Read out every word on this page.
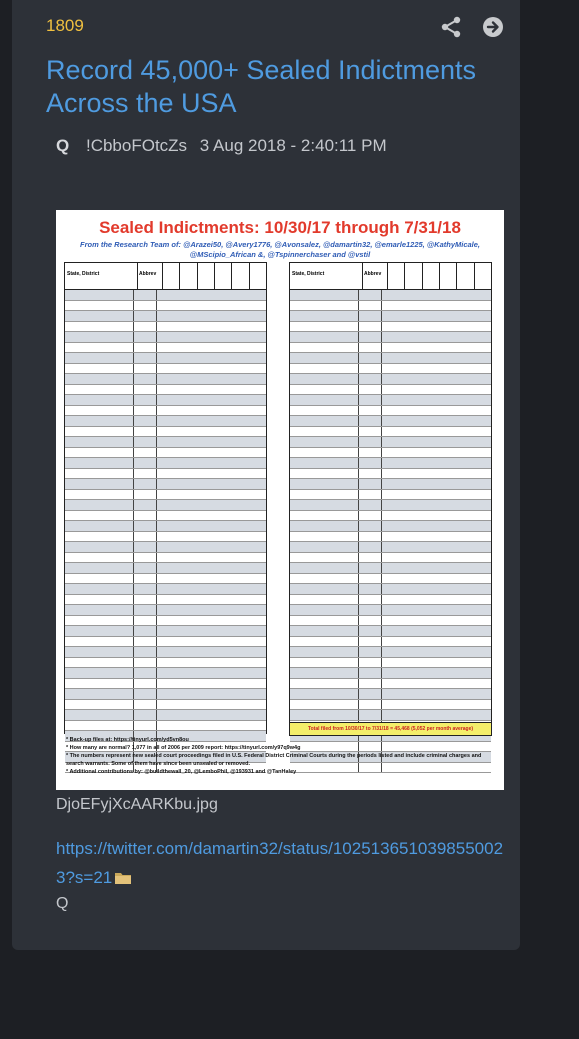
1809
Record 45,000+ Sealed Indictments Across the USA
Q !CbboFOtcZs 3 Aug 2018 - 2:40:11 PM
Sealed Indictments: 10/30/17 through 7/31/18
From the Research Team of: @Arazei50, @Avery1776, @Avonsalez, @damartin32, @emarle1225, @KathyMicale, @MScipio_African &, @Tspinnerchaser and @vstil
State, District	Abbrev	State, District	Abbrev
Total filed from 10/30/17 to 7/31/18 = 45,468 (5,052 per month average)
* Back-up files at: https://tinyurl.com/yd5vn8ou
* How many are normal? 1,077 in all of 2006 per 2009 report: https://tinyurl.com/y97q9w4g
* The numbers represent new sealed court proceedings filed in U.S. Federal District Criminal Courts during the periods listed and include criminal charges and search warrants. Some of them have since been unsealed or removed.
* Additional contributions by: @buildthewall_20, @LemboPhil, @193931 and @TanHaley
DjoEFyjXcAARKbu.jpg
https://twitter.com/damartin32/status/1025136510398550023?s=21
Q
